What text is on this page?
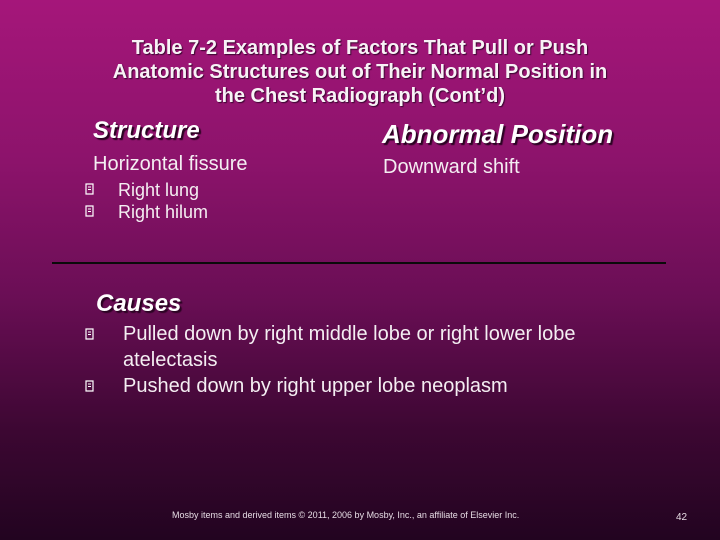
Table 7-2 Examples of Factors That Pull or Push
Anatomic Structures out of Their Normal Position in
the Chest Radiograph (Cont’d)
Structure	Abnormal Position
Horizontal fissure	Downward shift
Right lung
Right hilum
Causes
Pulled down by right middle lobe or right lower lobe atelectasis
Pushed down by right upper lobe neoplasm
Mosby items and derived items © 2011, 2006 by Mosby, Inc., an affiliate of Elsevier Inc.	42
